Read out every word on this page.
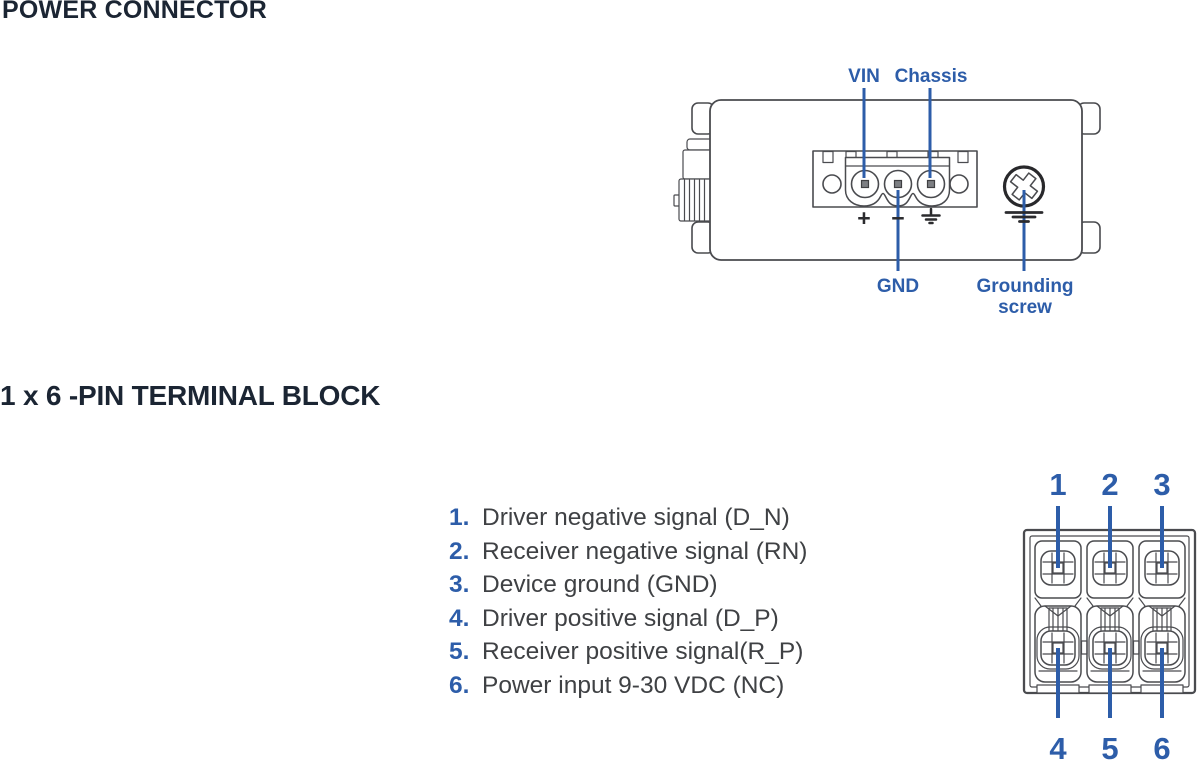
POWER CONNECTOR
+ −
VIN Chassis
GND	Grounding
screw
1 x 6 -PIN TERMINAL BLOCK
1. Driver negative signal (D_N)
2. Receiver negative signal (RN)
3. Device ground (GND)
4. Driver positive signal (D_P)
5. Receiver positive signal(R_P)
6. Power input 9-30 VDC (NC)
1 2 3
4 5 6
